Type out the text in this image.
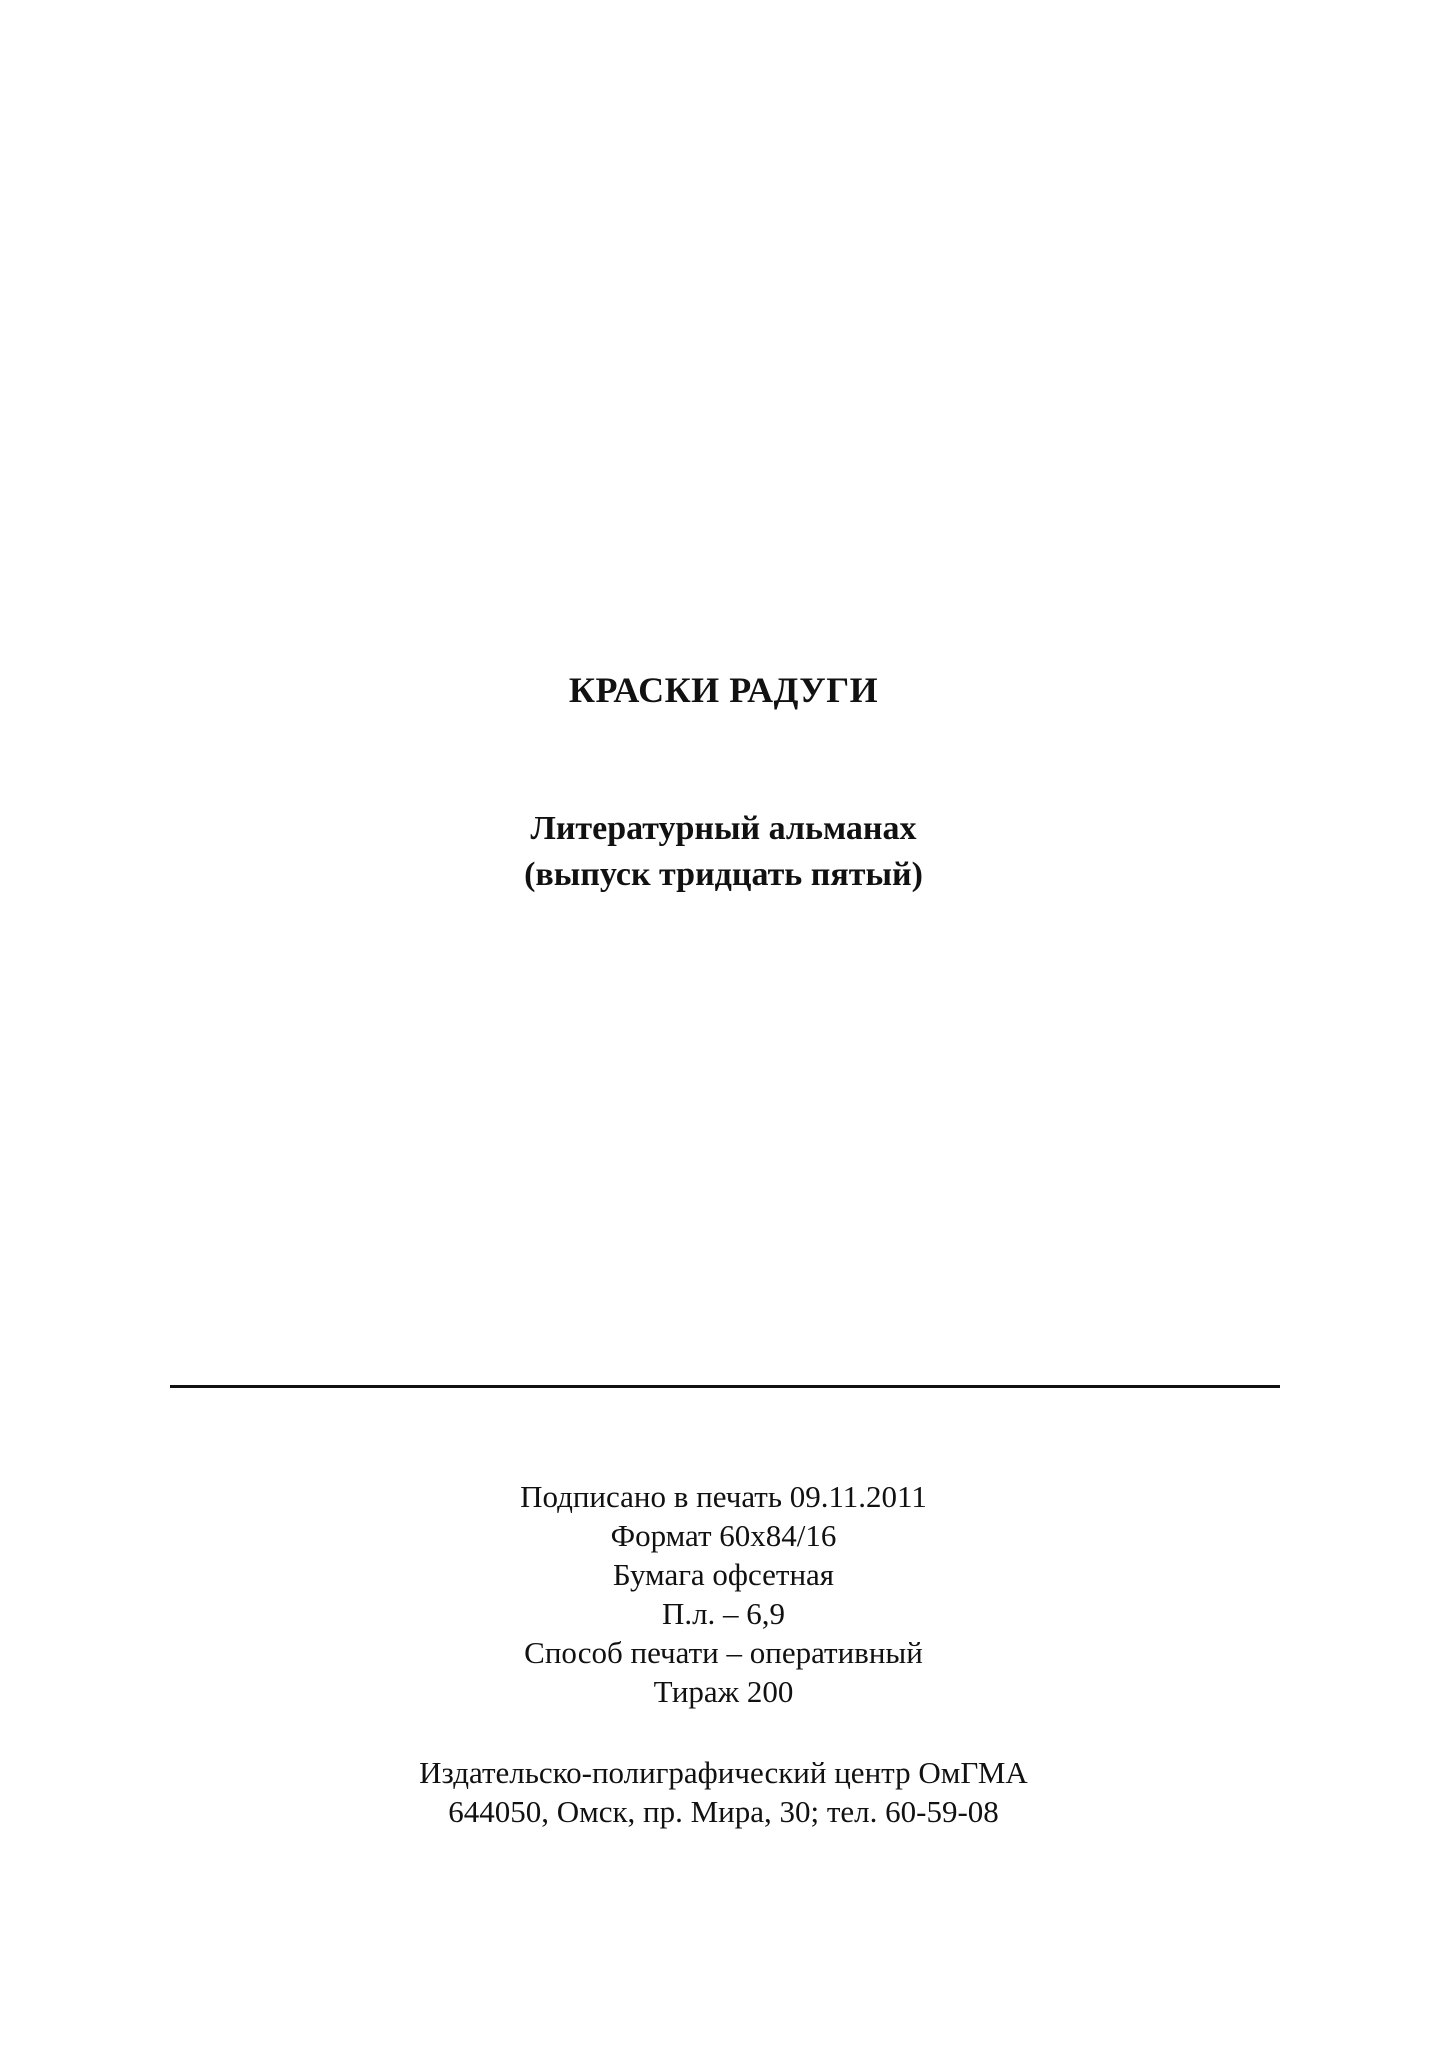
КРАСКИ РАДУГИ
Литературный альманах
(выпуск тридцать пятый)
Подписано в печать 09.11.2011
Формат 60х84/16
Бумага офсетная
П.л. – 6,9
Способ печати – оперативный
Тираж 200
Издательско-полиграфический центр ОмГМА
644050, Омск, пр. Мира, 30; тел. 60-59-08
